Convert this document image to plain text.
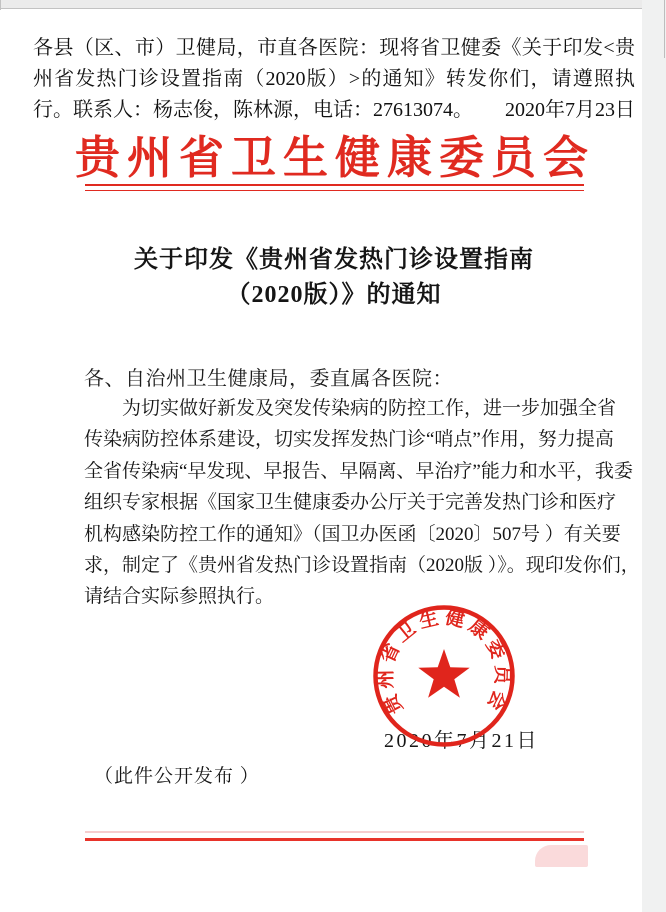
各县（区、市）卫健局，市直各医院：现将省卫健委《关于印发<贵
州省发热门诊设置指南（2020版）>的通知》转发你们，请遵照执
行。联系人：杨志俊，陈林源，电话：27613074。 2020年7月23日
贵州省卫生健康委员会
关于印发《贵州省发热门诊设置指南
（2020版）》的通知
各、自治州卫生健康局，委直属各医院：
为切实做好新发及突发传染病的防控工作，进一步加强全省
传染病防控体系建设，切实发挥发热门诊“哨点”作用，努力提高
全省传染病“早发现、早报告、早隔离、早治疗”能力和水平，我委
组织专家根据《国家卫生健康委办公厅关于完善发热门诊和医疗
机构感染防控工作的通知》（国卫办医函〔2020〕507号 ）有关要
求，制定了《贵州省发热门诊设置指南（2020版 ）》。现印发你们，
请结合实际参照执行。
2020年7月21日
贵州省卫生健康委员会
（此件公开发布 ）
